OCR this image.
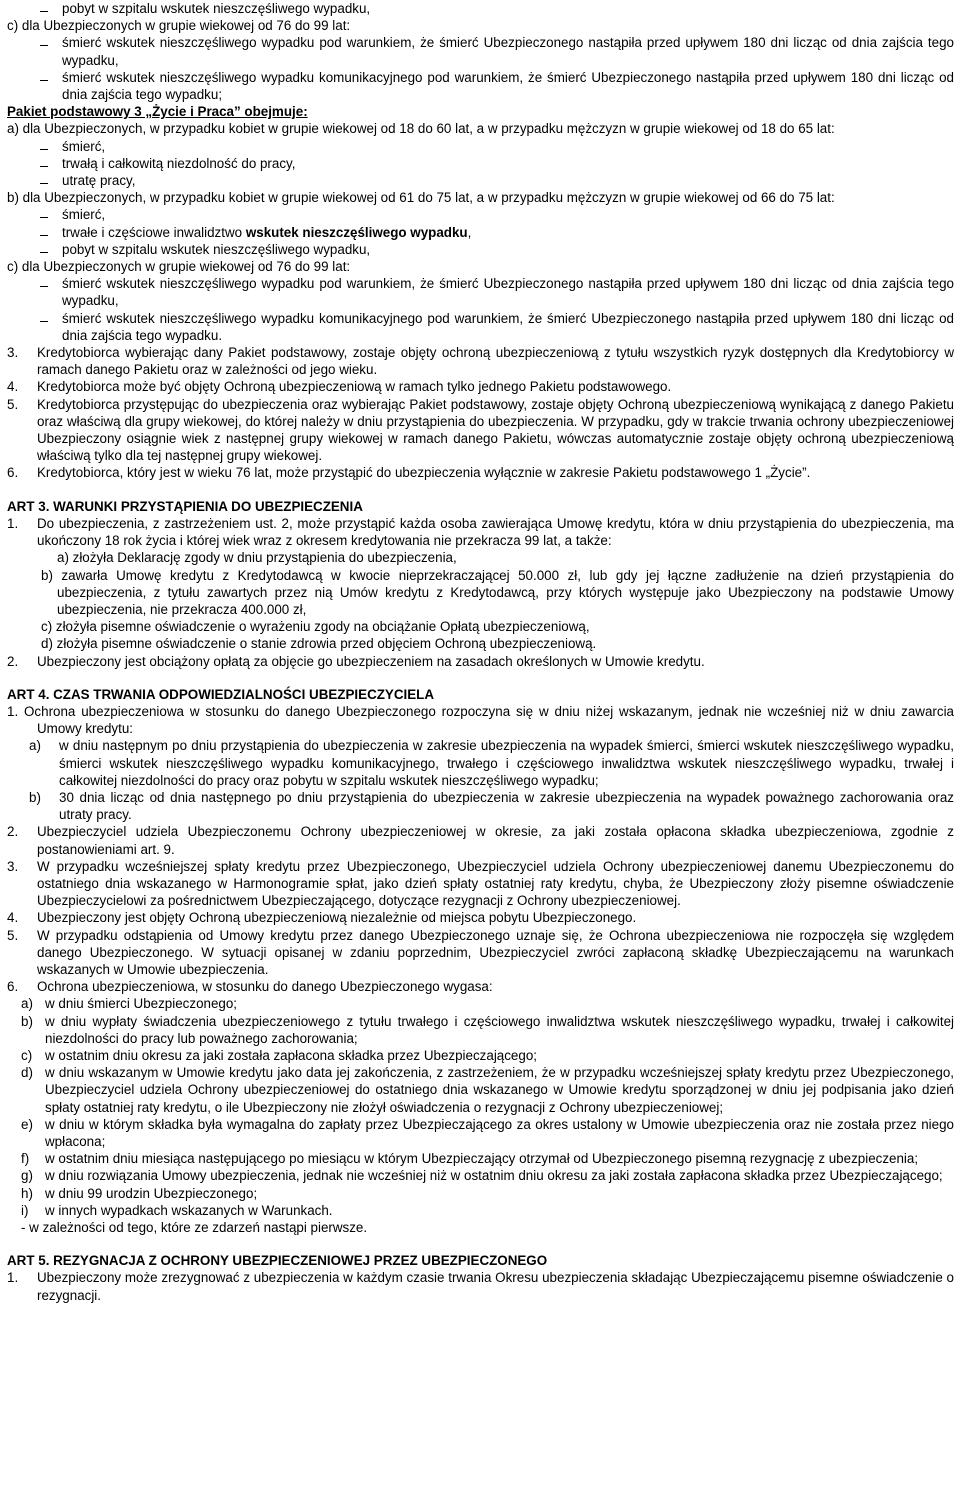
pobyt w szpitalu wskutek nieszczęśliwego wypadku,

c) dla Ubezpieczonych w grupie wiekowej od 76 do 99 lat:

śmierć wskutek nieszczęśliwego wypadku pod warunkiem, że śmierć Ubezpieczonego nastąpiła przed upływem 180 dni licząc od dnia zajścia tego wypadku,

śmierć wskutek nieszczęśliwego wypadku komunikacyjnego pod warunkiem, że śmierć Ubezpieczonego nastąpiła przed upływem 180 dni licząc od dnia zajścia tego wypadku;

Pakiet podstawowy 3 „Życie i Praca” obejmuje:

a) dla Ubezpieczonych, w przypadku kobiet w grupie wiekowej od 18 do 60 lat, a w przypadku mężczyzn w grupie wiekowej od 18 do 65 lat:

śmierć,

trwałą i całkowitą niezdolność do pracy,

utratę pracy,

b) dla Ubezpieczonych, w przypadku kobiet w grupie wiekowej od 61 do 75 lat, a w przypadku mężczyzn w grupie wiekowej od 66 do 75 lat:

śmierć,

trwałe i częściowe inwalidztwo wskutek nieszczęśliwego wypadku,

pobyt w szpitalu wskutek nieszczęśliwego wypadku,

c) dla Ubezpieczonych w grupie wiekowej od 76 do 99 lat:

śmierć wskutek nieszczęśliwego wypadku pod warunkiem, że śmierć Ubezpieczonego nastąpiła przed upływem 180 dni licząc od dnia zajścia tego wypadku,

śmierć wskutek nieszczęśliwego wypadku komunikacyjnego pod warunkiem, że śmierć Ubezpieczonego nastąpiła przed upływem 180 dni licząc od dnia zajścia tego wypadku.

3. Kredytobiorca wybierając dany Pakiet podstawowy, zostaje objęty ochroną ubezpieczeniową z tytułu wszystkich ryzyk dostępnych dla Kredytobiorcy w ramach danego Pakietu oraz w zależności od jego wieku.
4. Kredytobiorca może być objęty Ochroną ubezpieczeniową w ramach tylko jednego Pakietu podstawowego.
5. Kredytobiorca przystępując do ubezpieczenia oraz wybierając Pakiet podstawowy, zostaje objęty Ochroną ubezpieczeniową wynikającą z danego Pakietu oraz właściwą dla grupy wiekowej, do której należy w dniu przystąpienia do ubezpieczenia. W przypadku, gdy w trakcie trwania ochrony ubezpieczeniowej Ubezpieczony osiągnie wiek z następnej grupy wiekowej w ramach danego Pakietu, wówczas automatycznie zostaje objęty ochroną ubezpieczeniową właściwą tylko dla tej następnej grupy wiekowej.
6. Kredytobiorca, który jest w wieku 76 lat, może przystąpić do ubezpieczenia wyłącznie w zakresie Pakietu podstawowego 1 „Życie”.

ART 3. WARUNKI PRZYSTĄPIENIA DO UBEZPIECZENIA

1. Do ubezpieczenia, z zastrzeżeniem ust. 2, może przystąpić każda osoba zawierająca Umowę kredytu, która w dniu przystąpienia do ubezpieczenia, ma ukończony 18 rok życia i której wiek wraz z okresem kredytowania nie przekracza 99 lat, a także:
a) złożyła Deklarację zgody w dniu przystąpienia do ubezpieczenia,
b) zawarła Umowę kredytu z Kredytodawcą w kwocie nieprzekraczającej 50.000 zł, lub gdy jej łączne zadłużenie na dzień przystąpienia do ubezpieczenia, z tytułu zawartych przez nią Umów kredytu z Kredytodawcą, przy których występuje jako Ubezpieczony na podstawie Umowy ubezpieczenia, nie przekracza 400.000 zł,
c) złożyła pisemne oświadczenie o wyrażeniu zgody na obciążanie Opłatą ubezpieczeniową,
d) złożyła pisemne oświadczenie o stanie zdrowia przed objęciem Ochroną ubezpieczeniową.
2. Ubezpieczony jest obciążony opłatą za objęcie go ubezpieczeniem na zasadach określonych w Umowie kredytu.

ART 4. CZAS TRWANIA ODPOWIEDZIALNOŚCI UBEZPIECZYCIELA

1. Ochrona ubezpieczeniowa w stosunku do danego Ubezpieczonego rozpoczyna się w dniu niżej wskazanym, jednak nie wcześniej niż w dniu zawarcia Umowy kredytu:

a) w dniu następnym po dniu przystąpienia do ubezpieczenia w zakresie ubezpieczenia na wypadek śmierci, śmierci wskutek nieszczęśliwego wypadku, śmierci wskutek nieszczęśliwego wypadku komunikacyjnego, trwałego i częściowego inwalidztwa wskutek nieszczęśliwego wypadku, trwałej i całkowitej niezdolności do pracy oraz pobytu w szpitalu wskutek nieszczęśliwego wypadku;
b) 30 dnia licząc od dnia następnego po dniu przystąpienia do ubezpieczenia w zakresie ubezpieczenia na wypadek poważnego zachorowania oraz utraty pracy.
2. Ubezpieczyciel udziela Ubezpieczonemu Ochrony ubezpieczeniowej w okresie, za jaki została opłacona składka ubezpieczeniowa, zgodnie z postanowieniami art. 9.
3. W przypadku wcześniejszej spłaty kredytu przez Ubezpieczonego, Ubezpieczyciel udziela Ochrony ubezpieczeniowej danemu Ubezpieczonemu do ostatniego dnia wskazanego w Harmonogramie spłat, jako dzień spłaty ostatniej raty kredytu, chyba, że Ubezpieczony złoży pisemne oświadczenie Ubezpieczycielowi za pośrednictwem Ubezpieczającego, dotyczące rezygnacji z Ochrony ubezpieczeniowej.
4. Ubezpieczony jest objęty Ochroną ubezpieczeniową niezależnie od miejsca pobytu Ubezpieczonego.
5. W przypadku odstąpienia od Umowy kredytu przez danego Ubezpieczonego uznaje się, że Ochrona ubezpieczeniowa nie rozpoczęła się względem danego Ubezpieczonego. W sytuacji opisanej w zdaniu poprzednim, Ubezpieczyciel zwróci zapłaconą składkę Ubezpieczającemu na warunkach wskazanych w Umowie ubezpieczenia.
6. Ochrona ubezpieczeniowa, w stosunku do danego Ubezpieczonego wygasa:
a) w dniu śmierci Ubezpieczonego;
b) w dniu wypłaty świadczenia ubezpieczeniowego z tytułu trwałego i częściowego inwalidztwa wskutek nieszczęśliwego wypadku, trwałej i całkowitej niezdolności do pracy lub poważnego zachorowania;
c) w ostatnim dniu okresu za jaki została zapłacona składka przez Ubezpieczającego;
d) w dniu wskazanym w Umowie kredytu jako data jej zakończenia, z zastrzeżeniem, że w przypadku wcześniejszej spłaty kredytu przez Ubezpieczonego, Ubezpieczyciel udziela Ochrony ubezpieczeniowej do ostatniego dnia wskazanego w Umowie kredytu sporządzonej w dniu jej podpisania jako dzień spłaty ostatniej raty kredytu, o ile Ubezpieczony nie złożył oświadczenia o rezygnacji z Ochrony ubezpieczeniowej;
e) w dniu w którym składka była wymagalna do zapłaty przez Ubezpieczającego za okres ustalony w Umowie ubezpieczenia oraz nie została przez niego wpłacona;
f) w ostatnim dniu miesiąca następującego po miesiącu w którym Ubezpieczający otrzymał od Ubezpieczonego pisemną rezygnację z ubezpieczenia;
g) w dniu rozwiązania Umowy ubezpieczenia, jednak nie wcześniej niż w ostatnim dniu okresu za jaki została zapłacona składka przez Ubezpieczającego;
h) w dniu 99 urodzin Ubezpieczonego;
i) w innych wypadkach wskazanych w Warunkach.

- w zależności od tego, które ze zdarzeń nastąpi pierwsze.

ART 5. REZYGNACJA Z OCHRONY UBEZPIECZENIOWEJ PRZEZ UBEZPIECZONEGO

1. Ubezpieczony może zrezygnować z ubezpieczenia w każdym czasie trwania Okresu ubezpieczenia składając Ubezpieczającemu pisemne oświadczenie o rezygnacji.
